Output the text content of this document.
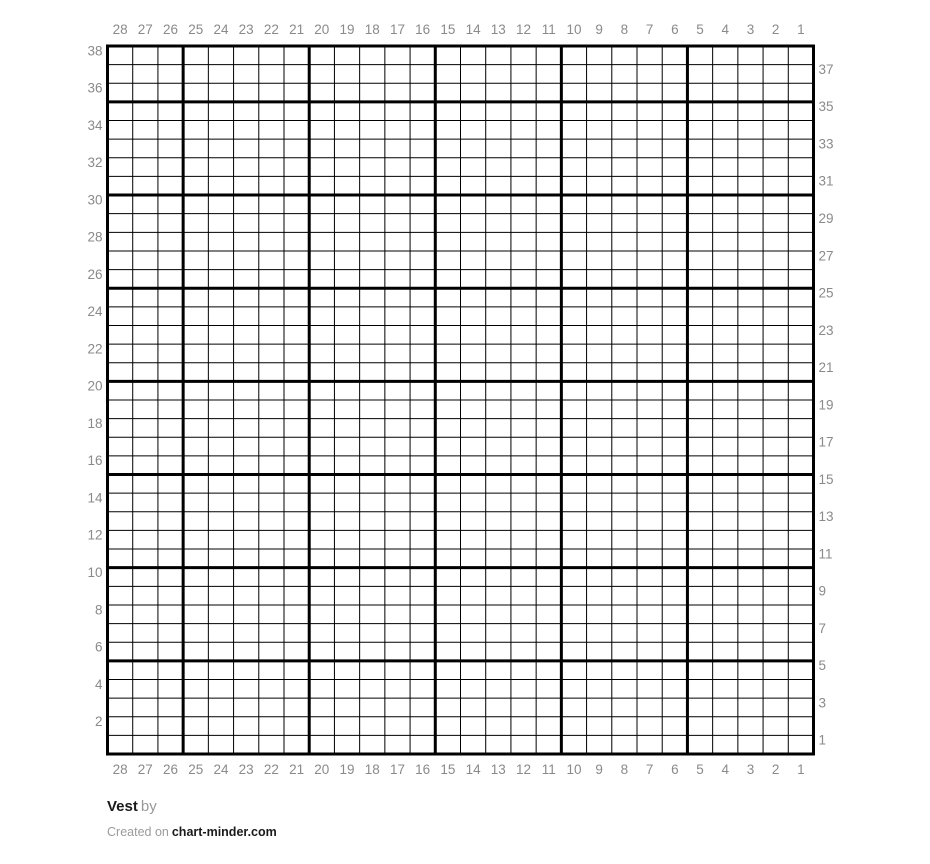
28 27 26 25 24 23 22 21 20 19 18 17 16 15 14 13 12 11 10 9 8 7 6 5 4 3 2 1
28 27 26 25 24 23 22 21 20 19 18 17 16 15 14 13 12 11 10 9 8 7 6 5 4 3 2 1
38
36
34
32
30
28
26
24
22
20
18
16
14
12
10
8
6
4
2
37
35
33
31
29
27
25
23
21
19
17
15
13
11
9
7
5
3
1
Vest by
Created on chart-minder.com
